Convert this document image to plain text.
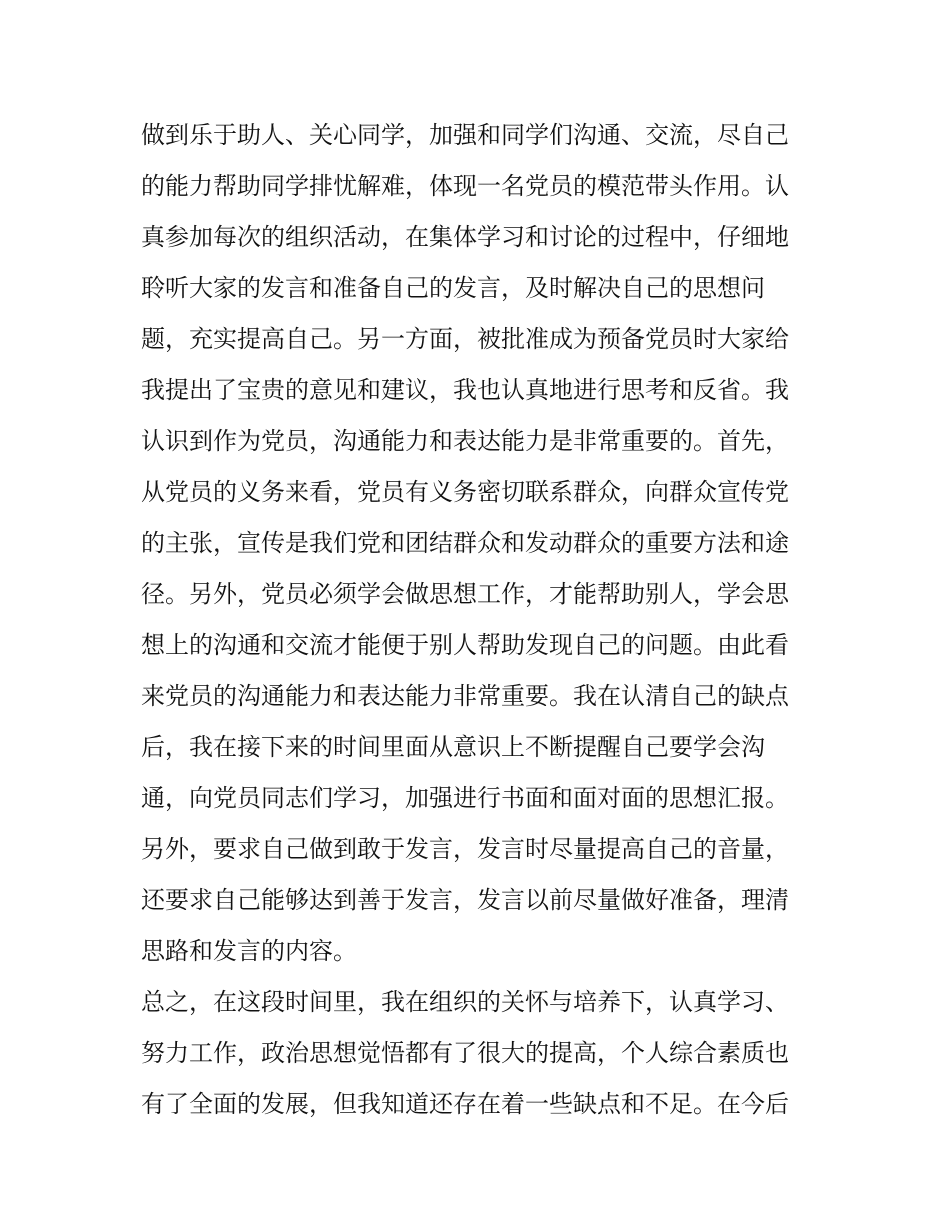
做到乐于助人、关心同学，加强和同学们沟通、交流，尽自己
的能力帮助同学排忧解难，体现一名党员的模范带头作用。认
真参加每次的组织活动，在集体学习和讨论的过程中，仔细地
聆听大家的发言和准备自己的发言，及时解决自己的思想问
题，充实提高自己。另一方面，被批准成为预备党员时大家给
我提出了宝贵的意见和建议，我也认真地进行思考和反省。我
认识到作为党员，沟通能力和表达能力是非常重要的。首先，
从党员的义务来看，党员有义务密切联系群众，向群众宣传党
的主张，宣传是我们党和团结群众和发动群众的重要方法和途
径。另外，党员必须学会做思想工作，才能帮助别人，学会思
想上的沟通和交流才能便于别人帮助发现自己的问题。由此看
来党员的沟通能力和表达能力非常重要。我在认清自己的缺点
后，我在接下来的时间里面从意识上不断提醒自己要学会沟
通，向党员同志们学习，加强进行书面和面对面的思想汇报。
另外，要求自己做到敢于发言，发言时尽量提高自己的音量，
还要求自己能够达到善于发言，发言以前尽量做好准备，理清
思路和发言的内容。
总之，在这段时间里，我在组织的关怀与培养下，认真学习、
努力工作，政治思想觉悟都有了很大的提高，个人综合素质也
有了全面的发展，但我知道还存在着一些缺点和不足。在今后
